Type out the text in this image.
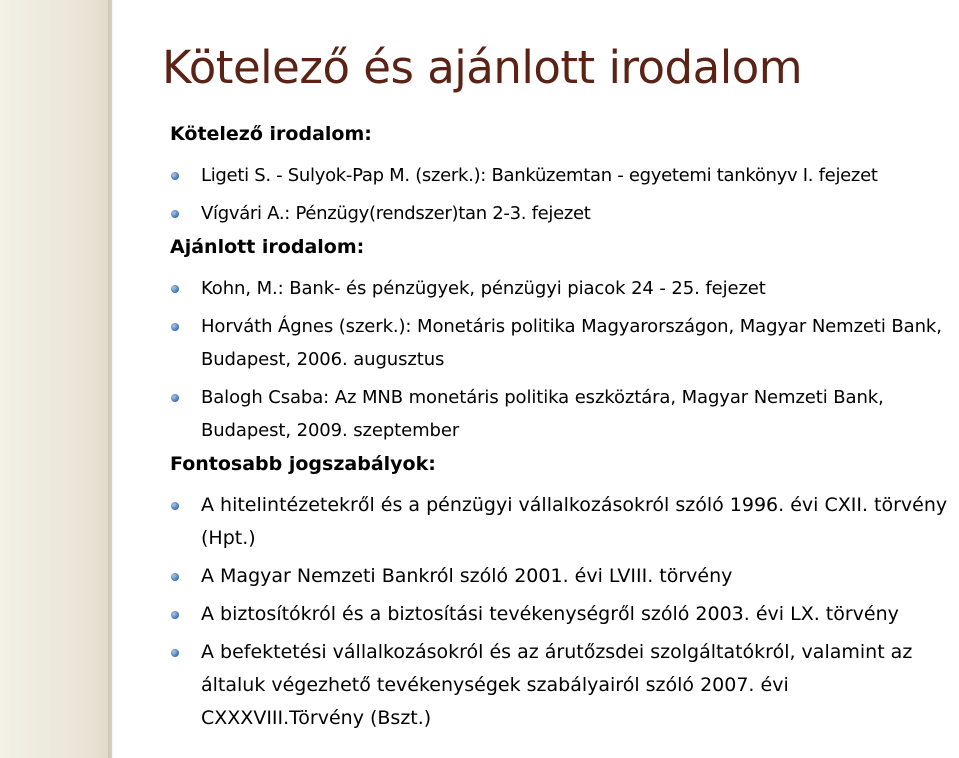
Kötelező és ajánlott irodalom
Kötelező irodalom:
Ligeti S. - Sulyok-Pap M. (szerk.): Banküzemtan - egyetemi tankönyv I. fejezet
Vígvári A.: Pénzügy(rendszer)tan 2-3. fejezet
Ajánlott irodalom:
Kohn, M.: Bank- és pénzügyek, pénzügyi piacok 24 - 25. fejezet
Horváth Ágnes (szerk.): Monetáris politika Magyarországon, Magyar Nemzeti Bank, Budapest, 2006. augusztus
Balogh Csaba: Az MNB monetáris politika eszköztára, Magyar Nemzeti Bank, Budapest, 2009. szeptember
Fontosabb jogszabályok:
A hitelintézetekről és a pénzügyi vállalkozásokról szóló 1996. évi CXII. törvény (Hpt.)
A Magyar Nemzeti Bankról szóló 2001. évi LVIII. törvény
A biztosítókról és a biztosítási tevékenységről szóló 2003. évi LX. törvény
A befektetési vállalkozásokról és az árutőzsdei szolgáltatókról, valamint az általuk végezhető tevékenységek szabályairól szóló 2007. évi CXXXVIII.Törvény (Bszt.)
